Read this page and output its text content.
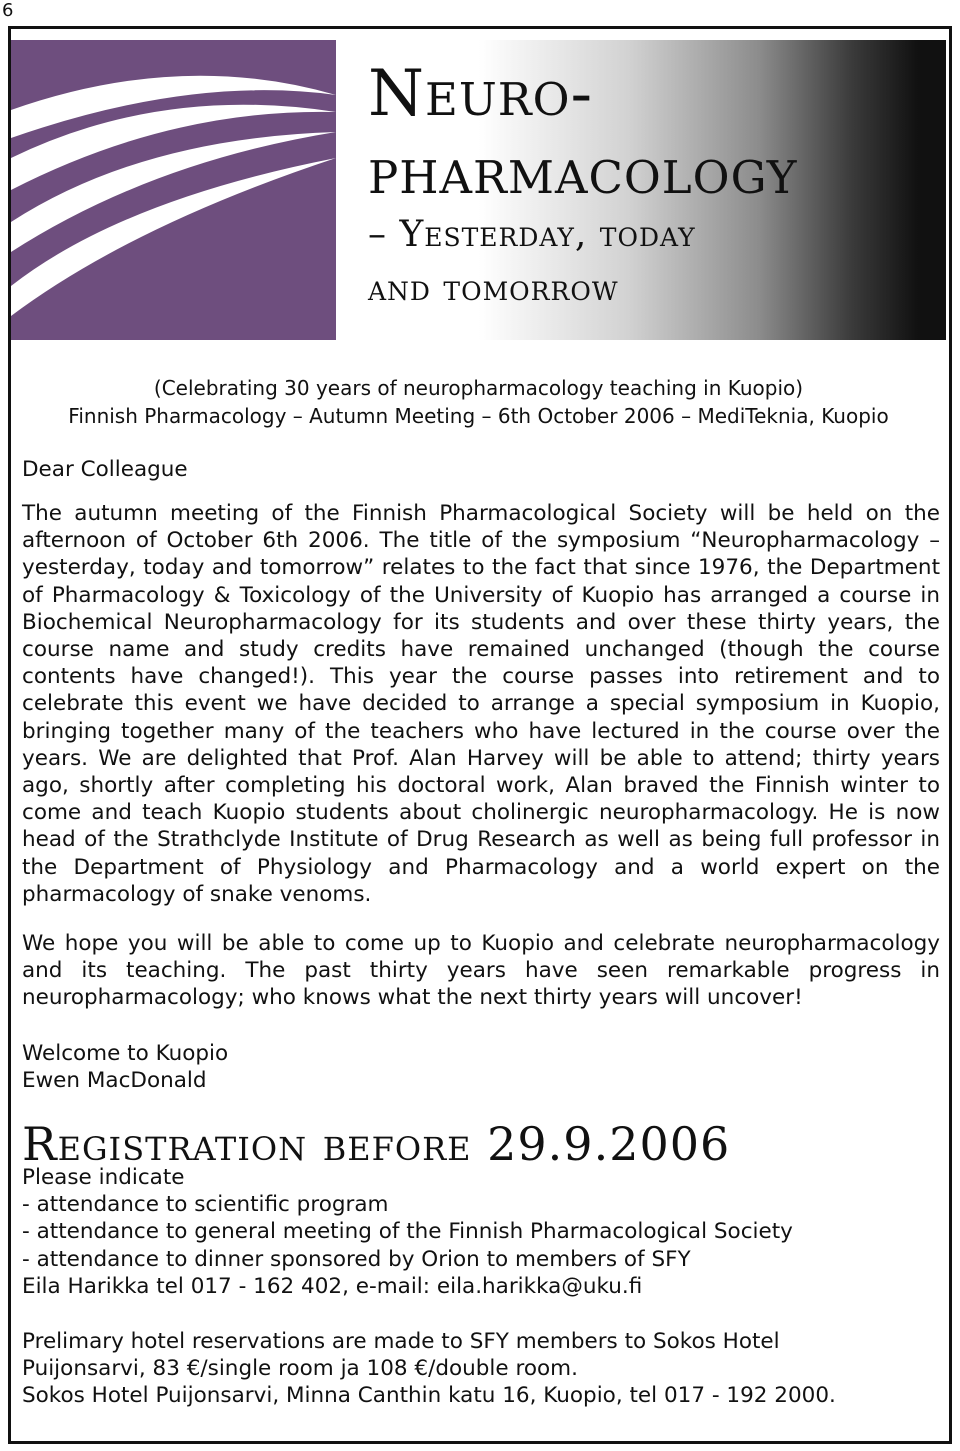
6
Neuro-
pharmacology
– Yesterday, today
and tomorrow
(Celebrating 30 years of neuropharmacology teaching in Kuopio)
Finnish Pharmacology – Autumn Meeting – 6th October 2006 – MediTeknia, Kuopio
Dear Colleague

The autumn meeting of the Finnish Pharmacological Society will be held on the afternoon of October 6th 2006. The title of the symposium “Neuropharmacology – yesterday, today and tomorrow” relates to the fact that since 1976, the Department of Pharmacology & Toxicology of the University of Kuopio has arranged a course in Biochemical Neuropharmacology for its students and over these thirty years, the course name and study credits have remained unchanged (though the course contents have changed!). This year the course passes into retirement and to celebrate this event we have decided to arrange a special symposium in Kuopio, bringing together many of the teachers who have lectured in the course over the years. We are delighted that Prof. Alan Harvey will be able to attend; thirty years ago, shortly after completing his doctoral work, Alan braved the Finnish winter to come and teach Kuopio students about cholinergic neuropharmacology. He is now head of the Strathclyde Institute of Drug Research as well as being full professor in the Department of Physiology and Pharmacology and a world expert on the pharmacology of snake venoms.

We hope you will be able to come up to Kuopio and celebrate neuropharmacology and its teaching. The past thirty years have seen remarkable progress in neuropharmacology; who knows what the next thirty years will uncover!

Welcome to Kuopio
Ewen MacDonald
Registration before 29.9.2006
Please indicate
- attendance to scientific program
- attendance to general meeting of the Finnish Pharmacological Society
- attendance to dinner sponsored by Orion to members of SFY
Eila Harikka tel 017 - 162 402, e-mail: eila.harikka@uku.fi
Prelimary hotel reservations are made to SFY members to Sokos Hotel
Puijonsarvi, 83 €/single room ja 108 €/double room.
Sokos Hotel Puijonsarvi, Minna Canthin katu 16, Kuopio, tel 017 - 192 2000.
